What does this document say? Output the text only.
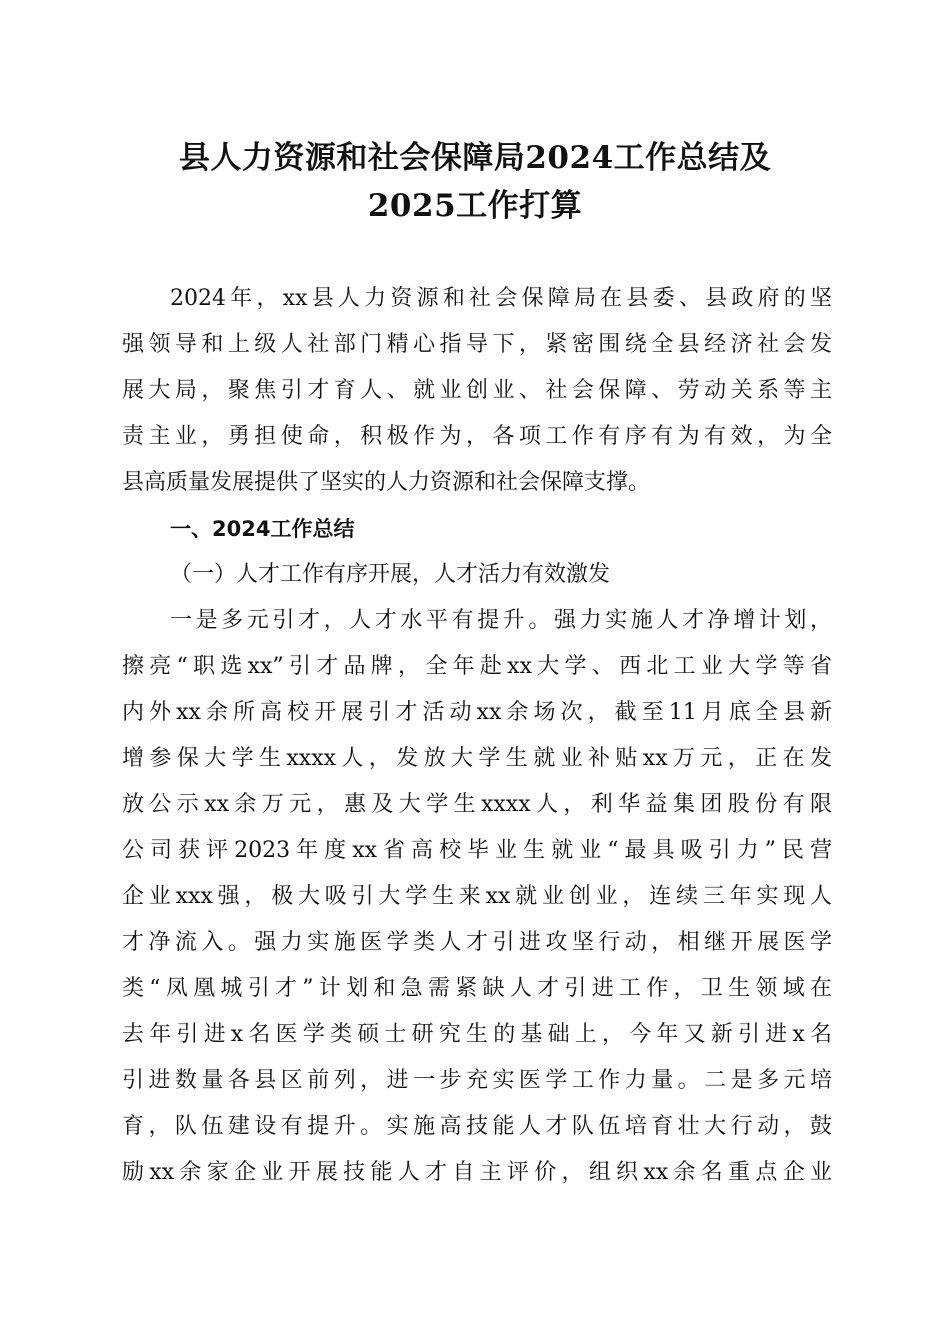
县人力资源和社会保障局2024工作总结及
2025工作打算
2024年，xx县人力资源和社会保障局在县委、县政府的坚
强领导和上级人社部门精心指导下，紧密围绕全县经济社会发
展大局，聚焦引才育人、就业创业、社会保障、劳动关系等主
责主业，勇担使命，积极作为，各项工作有序有为有效，为全
县高质量发展提供了坚实的人力资源和社会保障支撑。
一、2024工作总结
（一）人才工作有序开展，人才活力有效激发
一是多元引才，人才水平有提升。强力实施人才净增计划，
擦亮“职选xx”引才品牌，全年赴xx大学、西北工业大学等省
内外xx余所高校开展引才活动xx余场次，截至11月底全县新
增参保大学生xxxx人，发放大学生就业补贴xx万元，正在发
放公示xx余万元，惠及大学生xxxx人，利华益集团股份有限
公司获评2023年度xx省高校毕业生就业“最具吸引力”民营
企业xxx强，极大吸引大学生来xx就业创业，连续三年实现人
才净流入。强力实施医学类人才引进攻坚行动，相继开展医学
类“凤凰城引才”计划和急需紧缺人才引进工作，卫生领域在
去年引进x名医学类硕士研究生的基础上，今年又新引进x名
引进数量各县区前列，进一步充实医学工作力量。二是多元培
育，队伍建设有提升。实施高技能人才队伍培育壮大行动，鼓
励xx余家企业开展技能人才自主评价，组织xx余名重点企业
